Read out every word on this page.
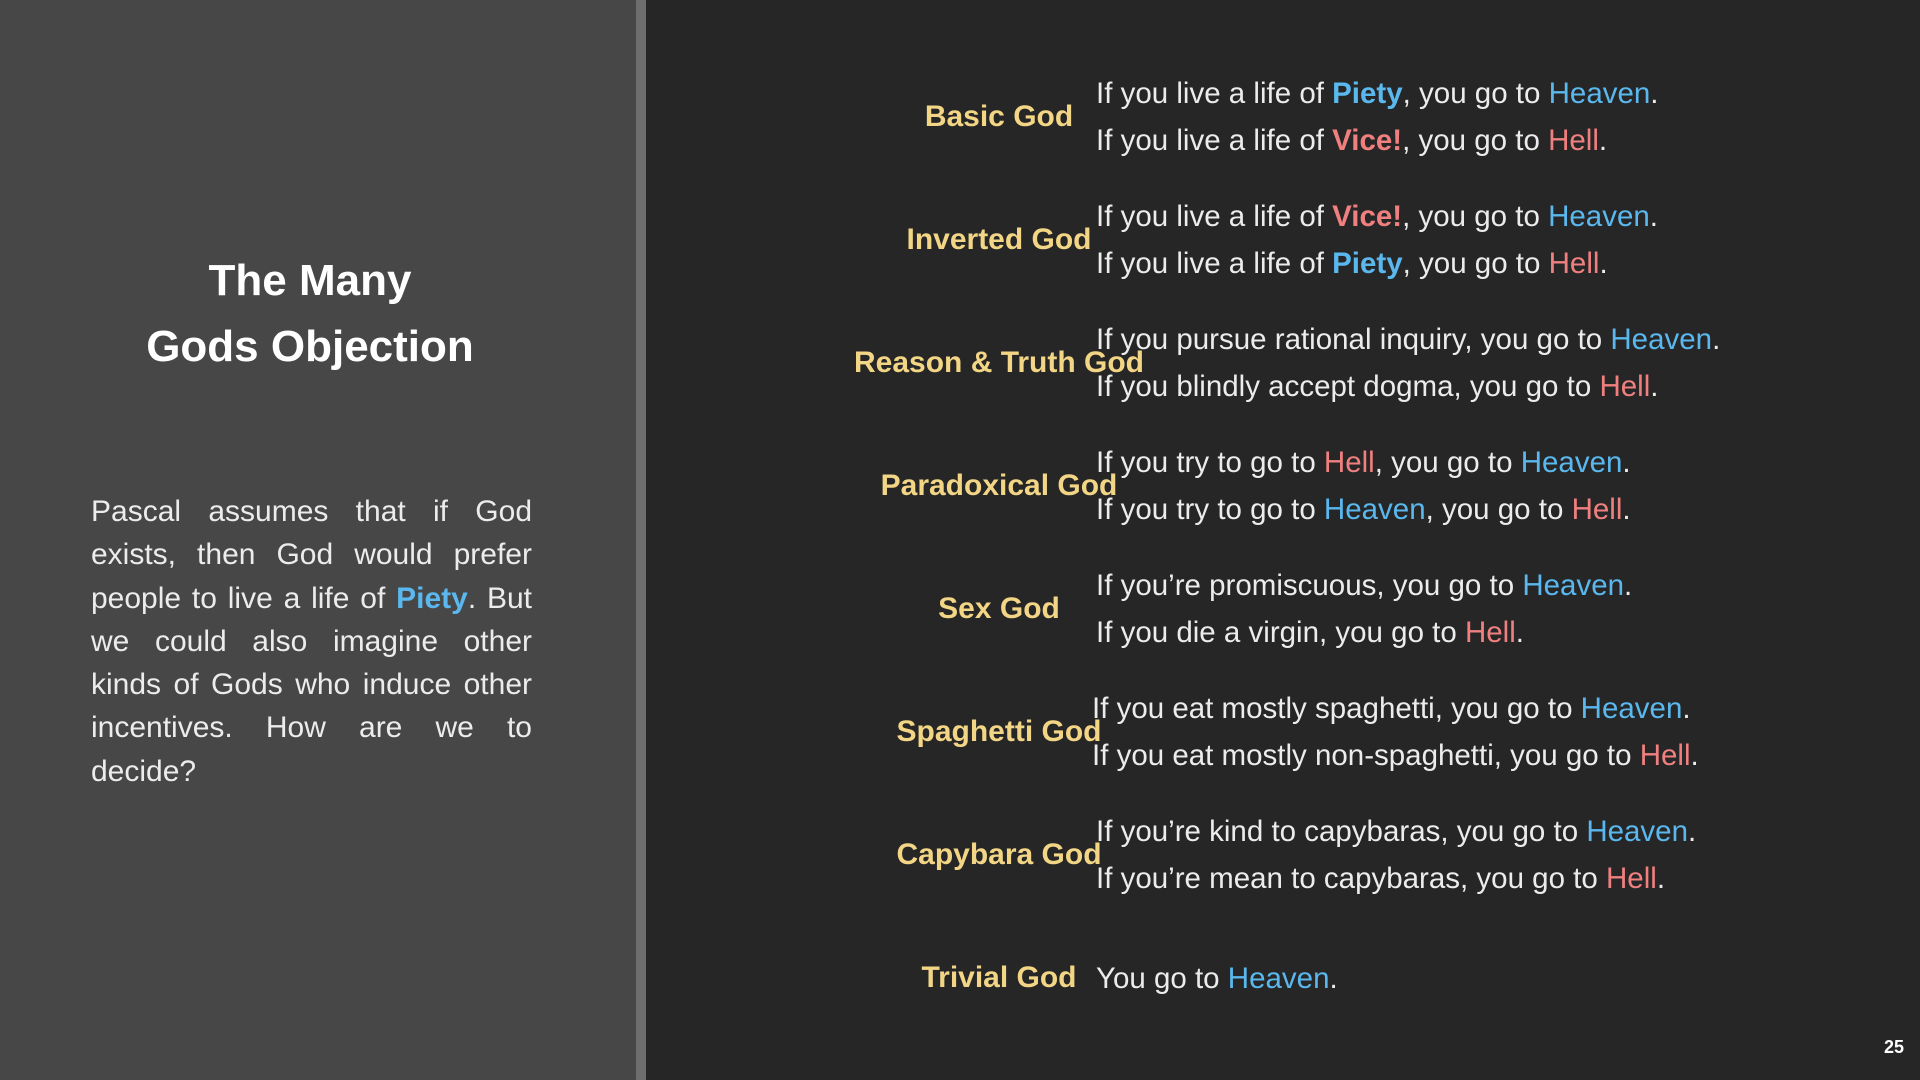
The Many
Gods Objection
Pascal assumes that if God exists, then God would prefer people to live a life of Piety. But we could also imagine other kinds of Gods who induce other incentives. How are we to decide?
Basic God
If you live a life of Piety, you go to Heaven.
If you live a life of Vice!, you go to Hell.
Inverted God
If you live a life of Vice!, you go to Heaven.
If you live a life of Piety, you go to Hell.
Reason & Truth God
If you pursue rational inquiry, you go to Heaven.
If you blindly accept dogma, you go to Hell.
Paradoxical God
If you try to go to Hell, you go to Heaven.
If you try to go to Heaven, you go to Hell.
Sex God
If you’re promiscuous, you go to Heaven.
If you die a virgin, you go to Hell.
Spaghetti God
If you eat mostly spaghetti, you go to Heaven.
If you eat mostly non-spaghetti, you go to Hell.
Capybara God
If you’re kind to capybaras, you go to Heaven.
If you’re mean to capybaras, you go to Hell.
Trivial God You go to Heaven.
25
